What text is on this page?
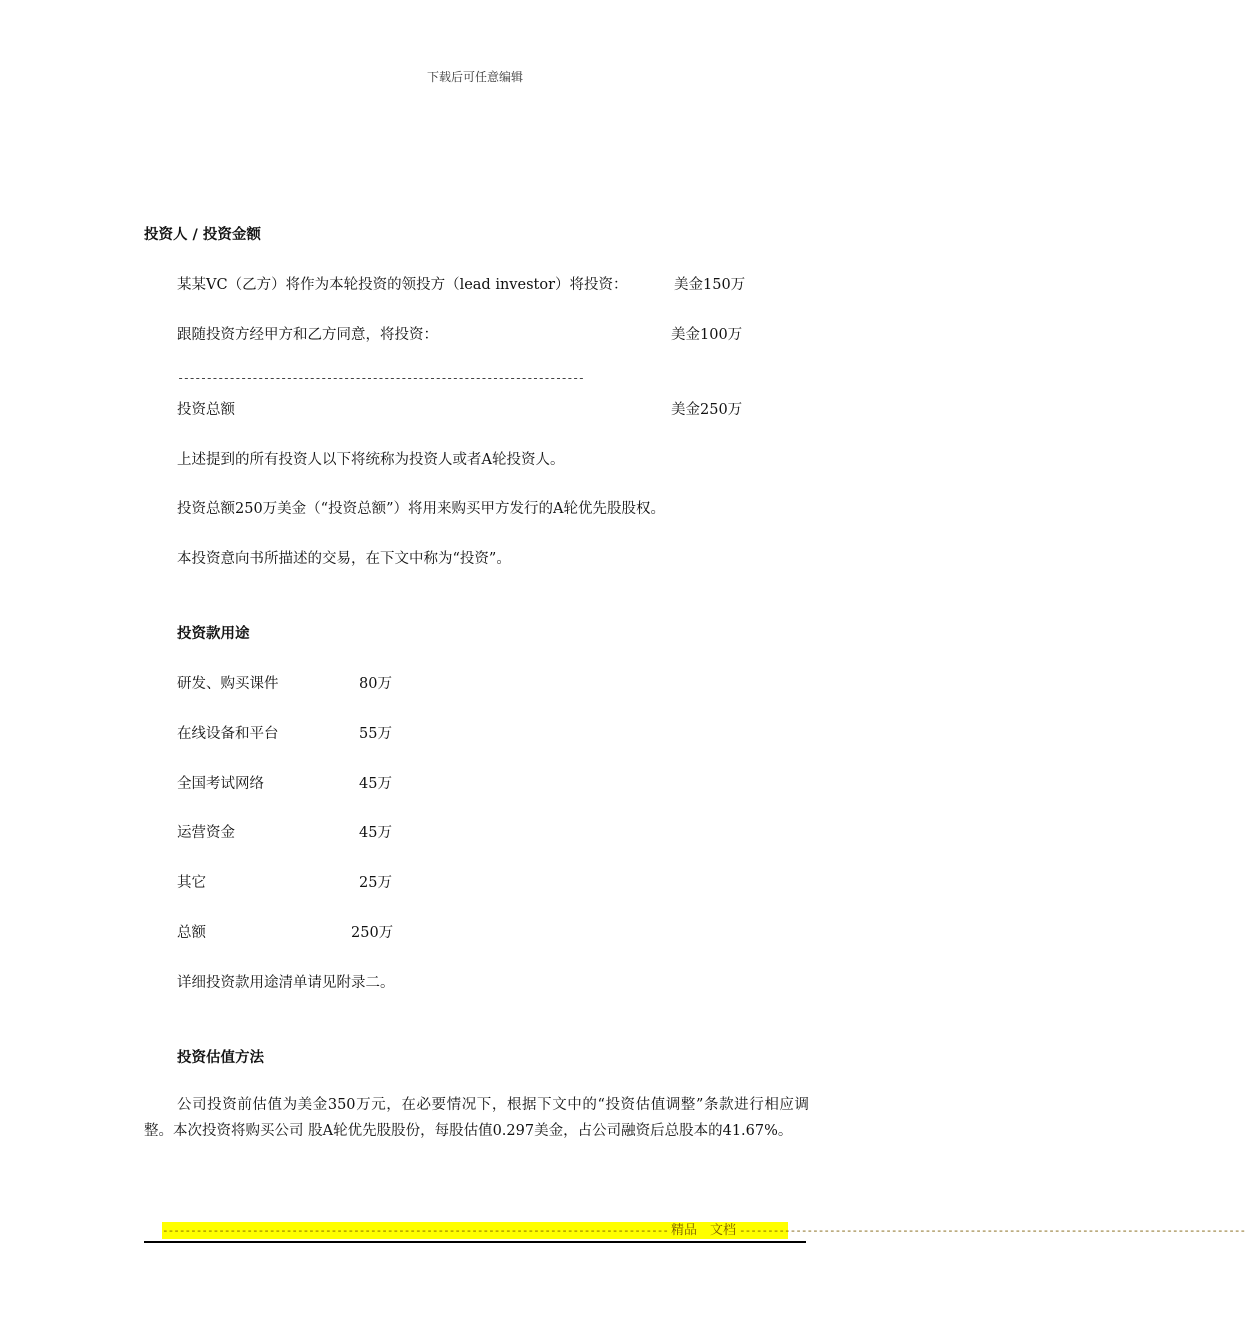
下载后可任意编辑
投资人 / 投资金额
某某VC（乙方）将作为本轮投资的领投方（lead investor）将投资：	美金150万
跟随投资方经甲方和乙方同意，将投资：	美金100万
-----------------------------------------------------------------------
投资总额	美金250万
上述提到的所有投资人以下将统称为投资人或者A轮投资人。
投资总额250万美金（“投资总额”）将用来购买甲方发行的A轮优先股股权。
本投资意向书所描述的交易，在下文中称为“投资”。
投资款用途
研发、购买课件	80万
在线设备和平台	55万
全国考试网络	45万
运营资金	45万
其它	25万
总额	250万
详细投资款用途清单请见附录二。
投资估值方法
公司投资前估值为美金350万元，在必要情况下，根据下文中的“投资估值调整”条款进行相应调整。本次投资将购买公司 股A轮优先股股份，每股估值0.297美金，占公司融资后总股本的41.67%。
------------------------------------------------------------------------------------------ 精品　文档 ------------------------------------------------------------------------------------------
